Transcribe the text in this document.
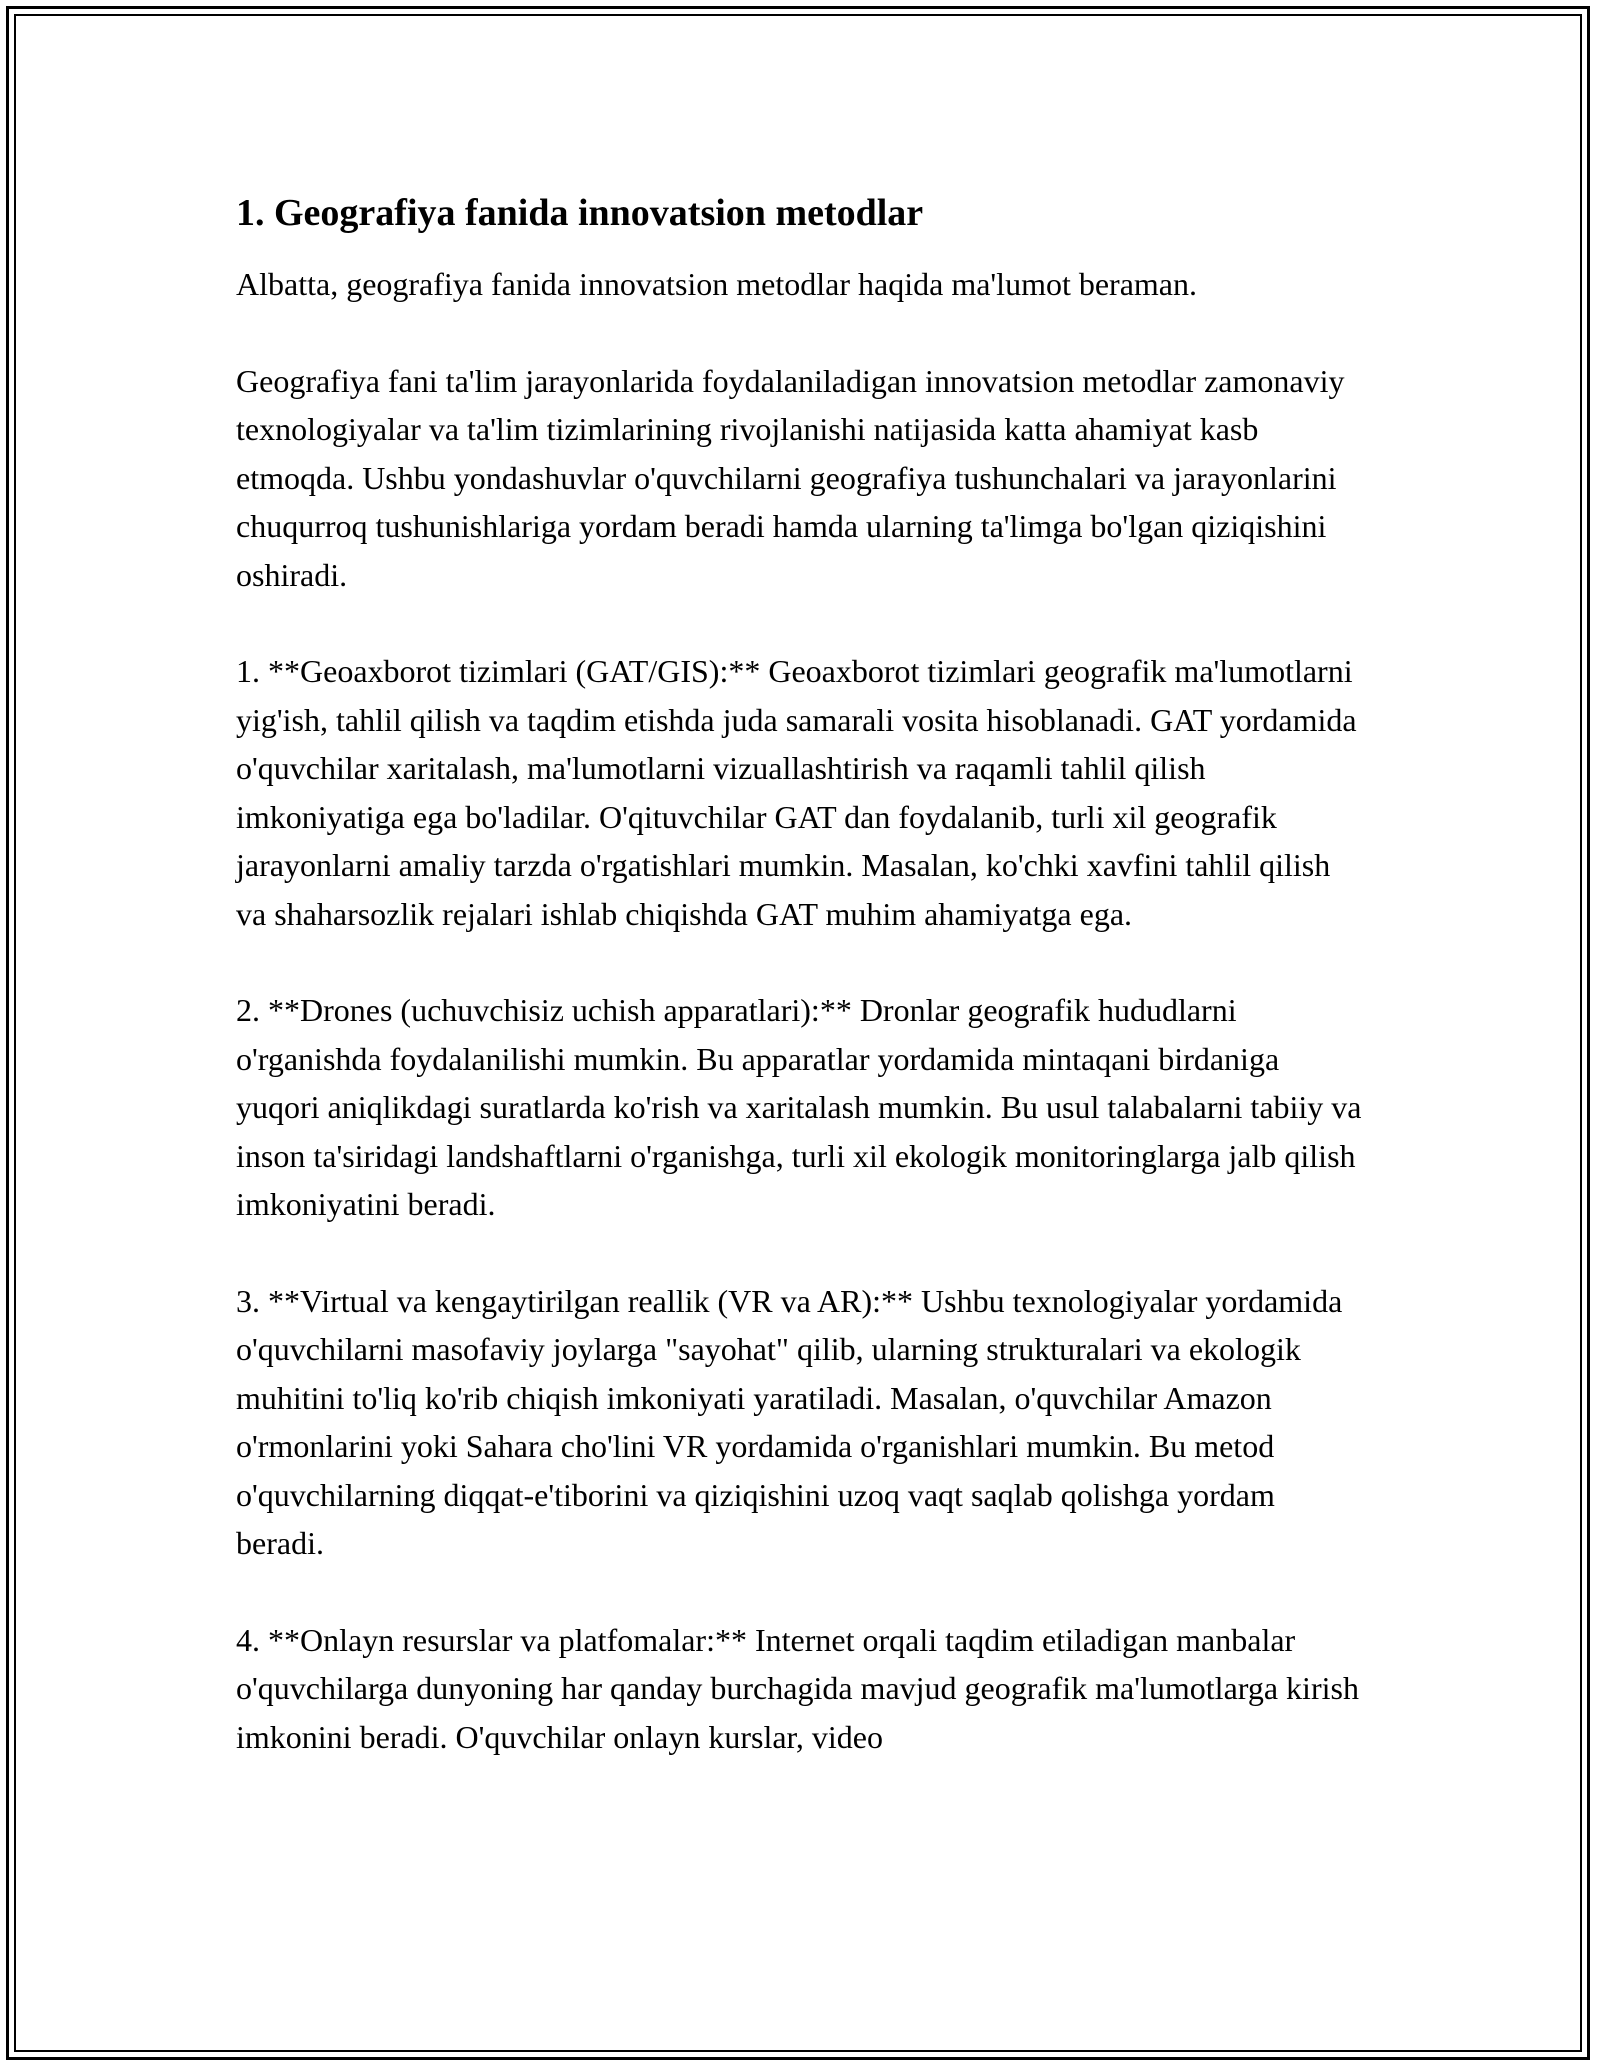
1. Geografiya fanida innovatsion metodlar

Albatta, geografiya fanida innovatsion metodlar haqida ma'lumot beraman.

Geografiya fani ta'lim jarayonlarida foydalaniladigan innovatsion metodlar zamonaviy texnologiyalar va ta'lim tizimlarining rivojlanishi natijasida katta ahamiyat kasb etmoqda. Ushbu yondashuvlar o'quvchilarni geografiya tushunchalari va jarayonlarini chuqurroq tushunishlariga yordam beradi hamda ularning ta'limga bo'lgan qiziqishini oshiradi.

1. **Geoaxborot tizimlari (GAT/GIS):** Geoaxborot tizimlari geografik ma'lumotlarni yig'ish, tahlil qilish va taqdim etishda juda samarali vosita hisoblanadi. GAT yordamida o'quvchilar xaritalash, ma'lumotlarni vizuallashtirish va raqamli tahlil qilish imkoniyatiga ega bo'ladilar. O'qituvchilar GAT dan foydalanib, turli xil geografik jarayonlarni amaliy tarzda o'rgatishlari mumkin. Masalan, ko'chki xavfini tahlil qilish va shaharsozlik rejalari ishlab chiqishda GAT muhim ahamiyatga ega.

2. **Drones (uchuvchisiz uchish apparatlari):** Dronlar geografik hududlarni o'rganishda foydalanilishi mumkin. Bu apparatlar yordamida mintaqani birdaniga yuqori aniqlikdagi suratlarda ko'rish va xaritalash mumkin. Bu usul talabalarni tabiiy va inson ta'siridagi landshaftlarni o'rganishga, turli xil ekologik monitoringlarga jalb qilish imkoniyatini beradi.

3. **Virtual va kengaytirilgan reallik (VR va AR):** Ushbu texnologiyalar yordamida o'quvchilarni masofaviy joylarga "sayohat" qilib, ularning strukturalari va ekologik muhitini to'liq ko'rib chiqish imkoniyati yaratiladi. Masalan, o'quvchilar Amazon o'rmonlarini yoki Sahara cho'lini VR yordamida o'rganishlari mumkin. Bu metod o'quvchilarning diqqat-e'tiborini va qiziqishini uzoq vaqt saqlab qolishga yordam beradi.

4. **Onlayn resurslar va platfomalar:** Internet orqali taqdim etiladigan manbalar o'quvchilarga dunyoning har qanday burchagida mavjud geografik ma'lumotlarga kirish imkonini beradi. O'quvchilar onlayn kurslar, video
